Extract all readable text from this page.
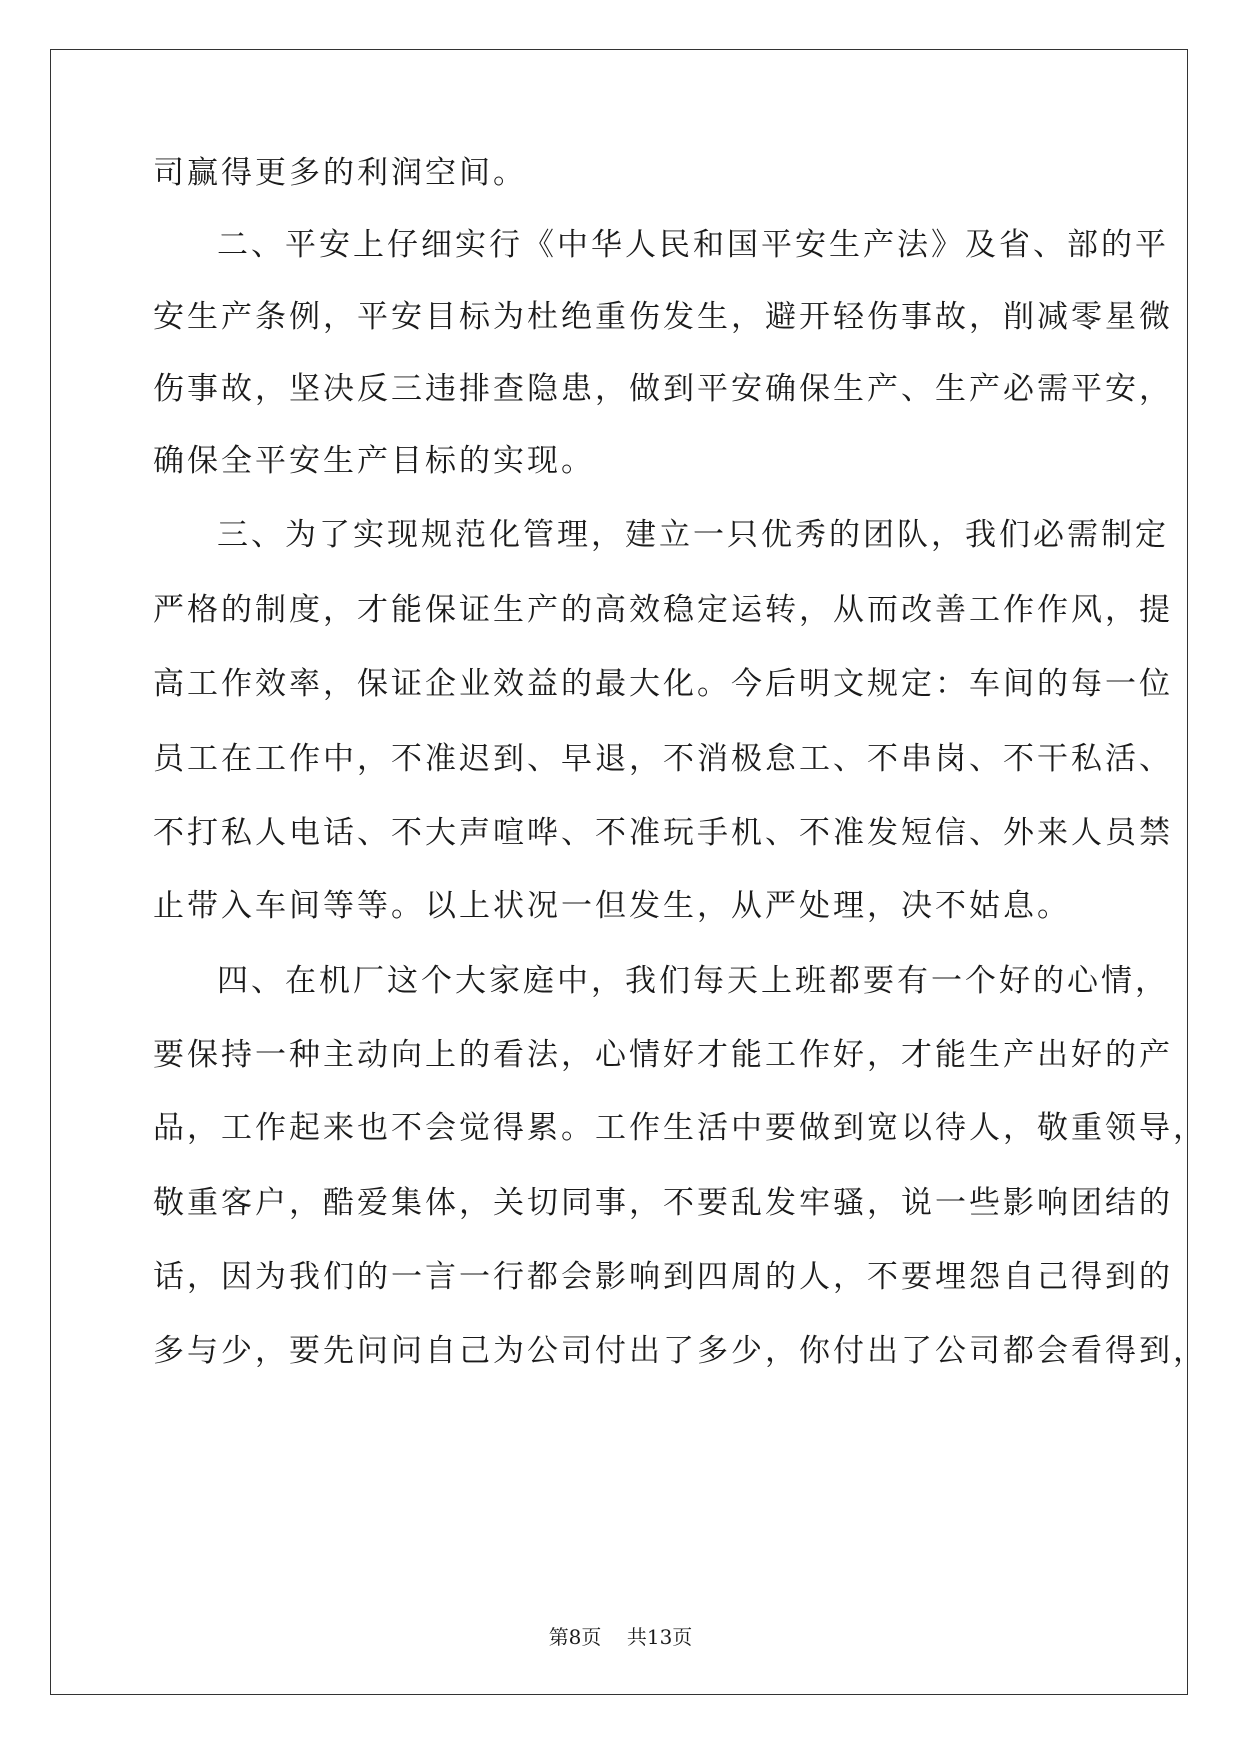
司赢得更多的利润空间。
二、平安上仔细实行《中华人民和国平安生产法》及省、部的平
安生产条例，平安目标为杜绝重伤发生，避开轻伤事故，削减零星微
伤事故，坚决反三违排查隐患，做到平安确保生产、生产必需平安，
确保全平安生产目标的实现。
三、为了实现规范化管理，建立一只优秀的团队，我们必需制定
严格的制度，才能保证生产的高效稳定运转，从而改善工作作风，提
高工作效率，保证企业效益的最大化。今后明文规定：车间的每一位
员工在工作中，不准迟到、早退，不消极怠工、不串岗、不干私活、
不打私人电话、不大声喧哗、不准玩手机、不准发短信、外来人员禁
止带入车间等等。以上状况一但发生，从严处理，决不姑息。
四、在机厂这个大家庭中，我们每天上班都要有一个好的心情，
要保持一种主动向上的看法，心情好才能工作好，才能生产出好的产
品，工作起来也不会觉得累。工作生活中要做到宽以待人，敬重领导，
敬重客户，酷爱集体，关切同事，不要乱发牢骚，说一些影响团结的
话，因为我们的一言一行都会影响到四周的人，不要埋怨自己得到的
多与少，要先问问自己为公司付出了多少，你付出了公司都会看得到，
第8页    共13页
